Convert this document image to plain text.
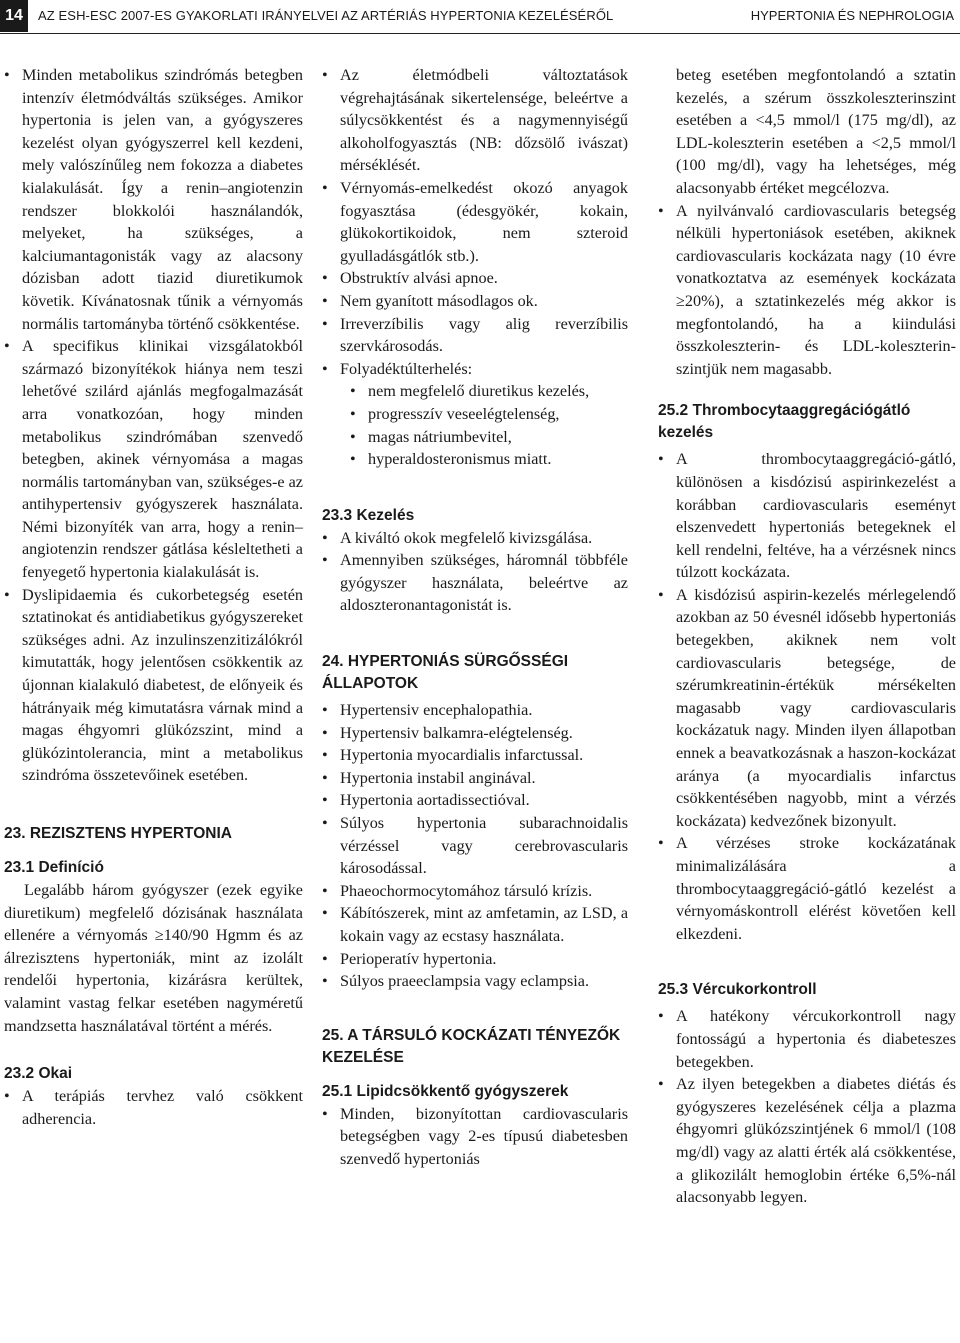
14	AZ ESH-ESC 2007-ES GYAKORLATI IRÁNYELVEI AZ ARTÉRIÁS HYPERTONIA KEZELÉSÉRŐL	HYPERTONIA ÉS NEPHROLOGIA
• Minden metabolikus szindrómás betegben intenzív életmódváltás szükséges. Amikor hypertonia is jelen van, a gyógyszeres kezelést olyan gyógyszerrel kell kezdeni, mely valószínűleg nem fokozza a diabetes kialakulását. Így a renin–angiotenzin rendszer blokkolói használandók, melyeket, ha szükséges, a kalciumantagonisták vagy az alacsony dózisban adott tiazid diuretikumok követik. Kívánatosnak tűnik a vérnyomás normális tartományba történő csökkentése.
• A specifikus klinikai vizsgálatokból származó bizonyítékok hiánya nem teszi lehetővé szilárd ajánlás megfogalmazását arra vonatkozóan, hogy minden metabolikus szindrómában szenvedő betegben, akinek vérnyomása a magas normális tartományban van, szükséges-e az antihypertensiv gyógyszerek használata. Némi bizonyíték van arra, hogy a renin–angiotenzin rendszer gátlása késleltetheti a fenyegető hypertonia kialakulását is.
• Dyslipidaemia és cukorbetegség esetén sztatinokat és antidiabetikus gyógyszereket szükséges adni. Az inzulinszenzitizálókról kimutatták, hogy jelentősen csökkentik az újonnan kialakuló diabetest, de előnyeik és hátrányaik még kimutatásra várnak mind a magas éhgyomri glükózszint, mind a glükózintolerancia, mint a metabolikus szindróma összetevőinek esetében.
23. REZISZTENS HYPERTONIA
23.1 Definíció

Legalább három gyógyszer (ezek egyike diuretikum) megfelelő dózisának használata ellenére a vérnyomás ≥140/90 Hgmm és az álrezisztens hypertoniák, mint az izolált rendelői hypertonia, kizárásra kerültek, valamint vastag felkar esetében nagyméretű mandzsetta használatával történt a mérés.

23.2 Okai
• A terápiás tervhez való csökkent adherencia.
• Az életmódbeli változtatások végrehajtásának sikertelensége, beleértve a súlycsökkentést és a nagymennyiségű alkoholfogyasztás (NB: dőzsölő ivászat) mérséklését.
• Vérnyomás-emelkedést okozó anyagok fogyasztása (édesgyökér, kokain, glükokortikoidok, nem szteroid gyulladásgátlók stb.).
• Obstruktív alvási apnoe.
• Nem gyanított másodlagos ok.
• Irreverzíbilis vagy alig reverzíbilis szervkárosodás.
• Folyadéktúlterhelés:
• nem megfelelő diuretikus kezelés,
• progresszív veseelégtelenség,
• magas nátriumbevitel,
• hyperaldosteronismus miatt.
23.3 Kezelés
• A kiváltó okok megfelelő kivizsgálása.
• Amennyiben szükséges, háromnál többféle gyógyszer használata, beleértve az aldoszteronantagonistát is.
24. HYPERTONIÁS SÜRGŐSSÉGI ÁLLAPOTOK
• Hypertensiv encephalopathia.
• Hypertensiv balkamra-elégtelenség.
• Hypertonia myocardialis infarctussal.
• Hypertonia instabil anginával.
• Hypertonia aortadissectióval.
• Súlyos hypertonia subarachnoidalis vérzéssel vagy cerebrovascularis károsodással.
• Phaeochormocytomához társuló krízis.
• Kábítószerek, mint az amfetamin, az LSD, a kokain vagy az ecstasy használata.
• Perioperatív hypertonia.
• Súlyos praeeclampsia vagy eclampsia.
25. A TÁRSULÓ KOCKÁZATI TÉNYEZŐK KEZELÉSE
25.1 Lipidcsökkentő gyógyszerek
• Minden, bizonyítottan cardiovascularis betegségben vagy 2-es típusú diabetesben szenvedő hypertoniás

beteg esetében megfontolandó a sztatin kezelés, a szérum összkoleszterinszint esetében a <4,5 mmol/l (175 mg/dl), az LDL-koleszterin esetében a <2,5 mmol/l (100 mg/dl), vagy ha lehetséges, még alacsonyabb értéket megcélozva.

• A nyilvánvaló cardiovascularis betegség nélküli hypertoniások esetében, akiknek cardiovascularis kockázata nagy (10 évre vonatkoztatva az események kockázata ≥20%), a sztatinkezelés még akkor is megfontolandó, ha a kiindulási összkoleszterin- és LDL-koleszterin-szintjük nem magasabb.
25.2 Thrombocytaaggregációgátló kezelés
• A thrombocytaaggregáció-gátló, különösen a kisdózisú aspirinkezelést a korábban cardiovascularis eseményt elszenvedett hypertoniás betegeknek el kell rendelni, feltéve, ha a vérzésnek nincs túlzott kockázata.
• A kisdózisú aspirin-kezelés mérlegelendő azokban az 50 évesnél idősebb hypertoniás betegekben, akiknek nem volt cardiovascularis betegsége, de szérumkreatinin-értékük mérsékelten magasabb vagy cardiovascularis kockázatuk nagy. Minden ilyen állapotban ennek a beavatkozásnak a haszon-kockázat aránya (a myocardialis infarctus csökkentésében nagyobb, mint a vérzés kockázata) kedvezőnek bizonyult.
• A vérzéses stroke kockázatának minimalizálására a thrombocytaaggregáció-gátló kezelést a vérnyomáskontroll elérést követően kell elkezdeni.
25.3 Vércukorkontroll
• A hatékony vércukorkontroll nagy fontosságú a hypertonia és diabeteszes betegekben.
• Az ilyen betegekben a diabetes diétás és gyógyszeres kezelésének célja a plazma éhgyomri glükózszintjének 6 mmol/l (108 mg/dl) vagy az alatti érték alá csökkentése, a glikozilált hemoglobin értéke 6,5%-nál alacsonyabb legyen.
